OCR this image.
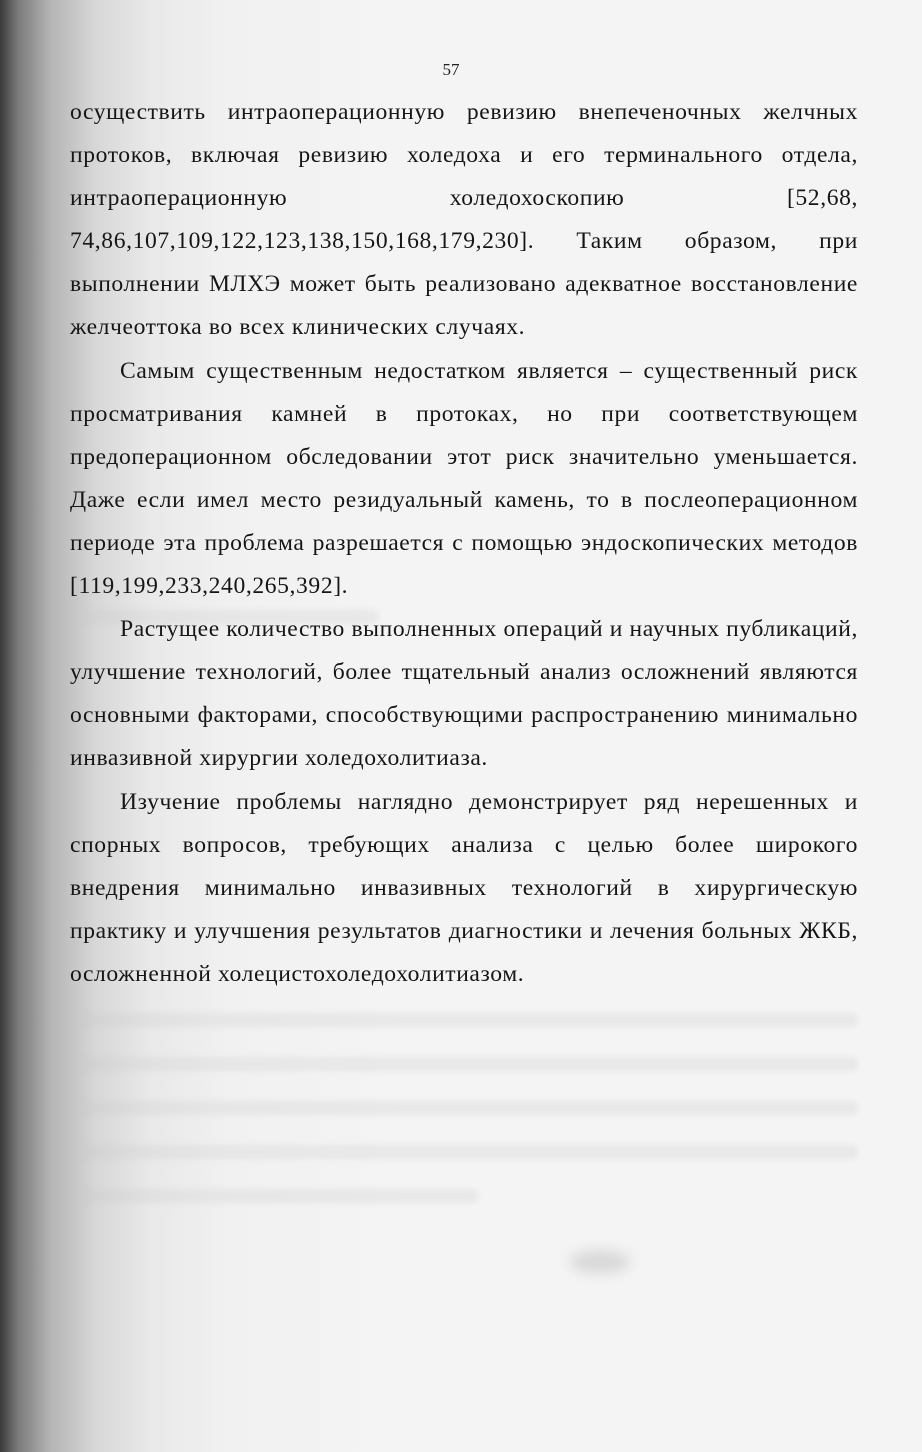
57

осуществить интраоперационную ревизию внепеченочных желчных протоков, включая ревизию холедоха и его терминального отдела, интраоперационную холедохоскопию [52,68, 74,86,107,109,122,123,138,150,168,179,230]. Таким образом, при выполнении МЛХЭ может быть реализовано адекватное восстановление желчеоттока во всех клинических случаях.

Самым существенным недостатком является – существенный риск просматривания камней в протоках, но при соответствующем предоперационном обследовании этот риск значительно уменьшается. Даже если имел место резидуальный камень, то в послеоперационном периоде эта проблема разрешается с помощью эндоскопических методов [119,199,233,240,265,392].

Растущее количество выполненных операций и научных публикаций, улучшение технологий, более тщательный анализ осложнений являются основными факторами, способствующими распространению минимально инвазивной хирургии холедохолитиаза.

Изучение проблемы наглядно демонстрирует ряд нерешенных и спорных вопросов, требующих анализа с целью более широкого внедрения минимально инвазивных технологий в хирургическую практику и улучшения результатов диагностики и лечения больных ЖКБ, осложненной холецистохоледохолитиазом.
